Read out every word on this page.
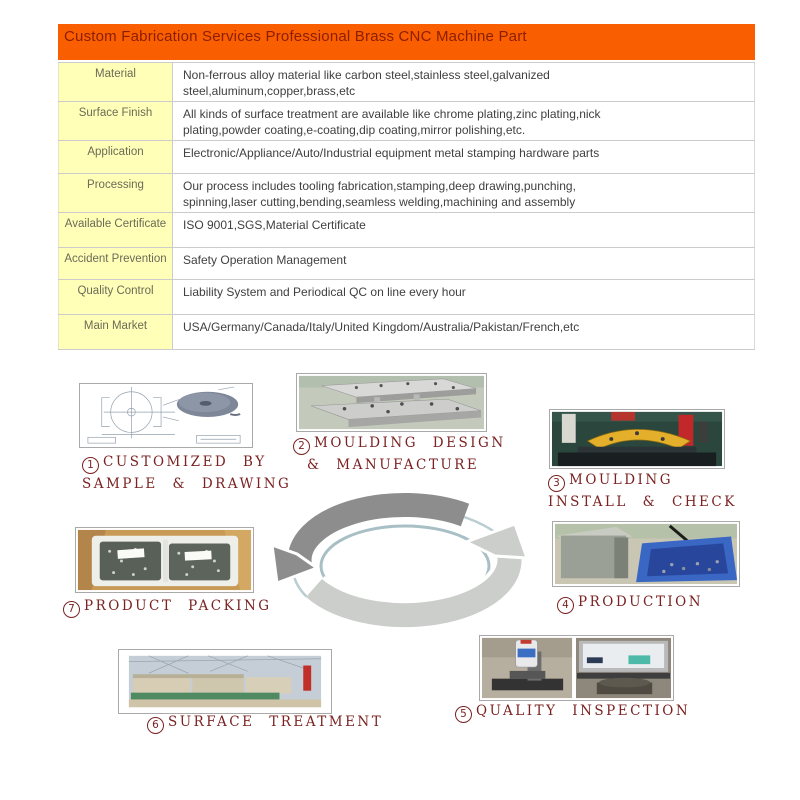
Custom Fabrication Services Professional Brass CNC Machine Part
Material	Non-ferrous alloy material like carbon steel,stainless steel,galvanized
steel,aluminum,copper,brass,etc
Surface Finish	All kinds of surface treatment are available like chrome plating,zinc plating,nick
plating,powder coating,e-coating,dip coating,mirror polishing,etc.
Application	Electronic/Appliance/Auto/Industrial equipment metal stamping hardware parts
Processing	Our process includes tooling fabrication,stamping,deep drawing,punching,
spinning,laser cutting,bending,seamless welding,machining and assembly
Available Certificate	ISO 9001,SGS,Material Certificate
Accident Prevention	Safety Operation Management
Quality Control	Liability System and Periodical QC on line every hour
Main Market	USA/Germany/Canada/Italy/United Kingdom/Australia/Pakistan/French,etc
1 CUSTOMIZED BY
SAMPLE & DRAWING
2 MOULDING DESIGN
& MANUFACTURE
3 MOULDING
INSTALL & CHECK
4 PRODUCTION
5 QUALITY INSPECTION
6 SURFACE TREATMENT
7 PRODUCT PACKING
